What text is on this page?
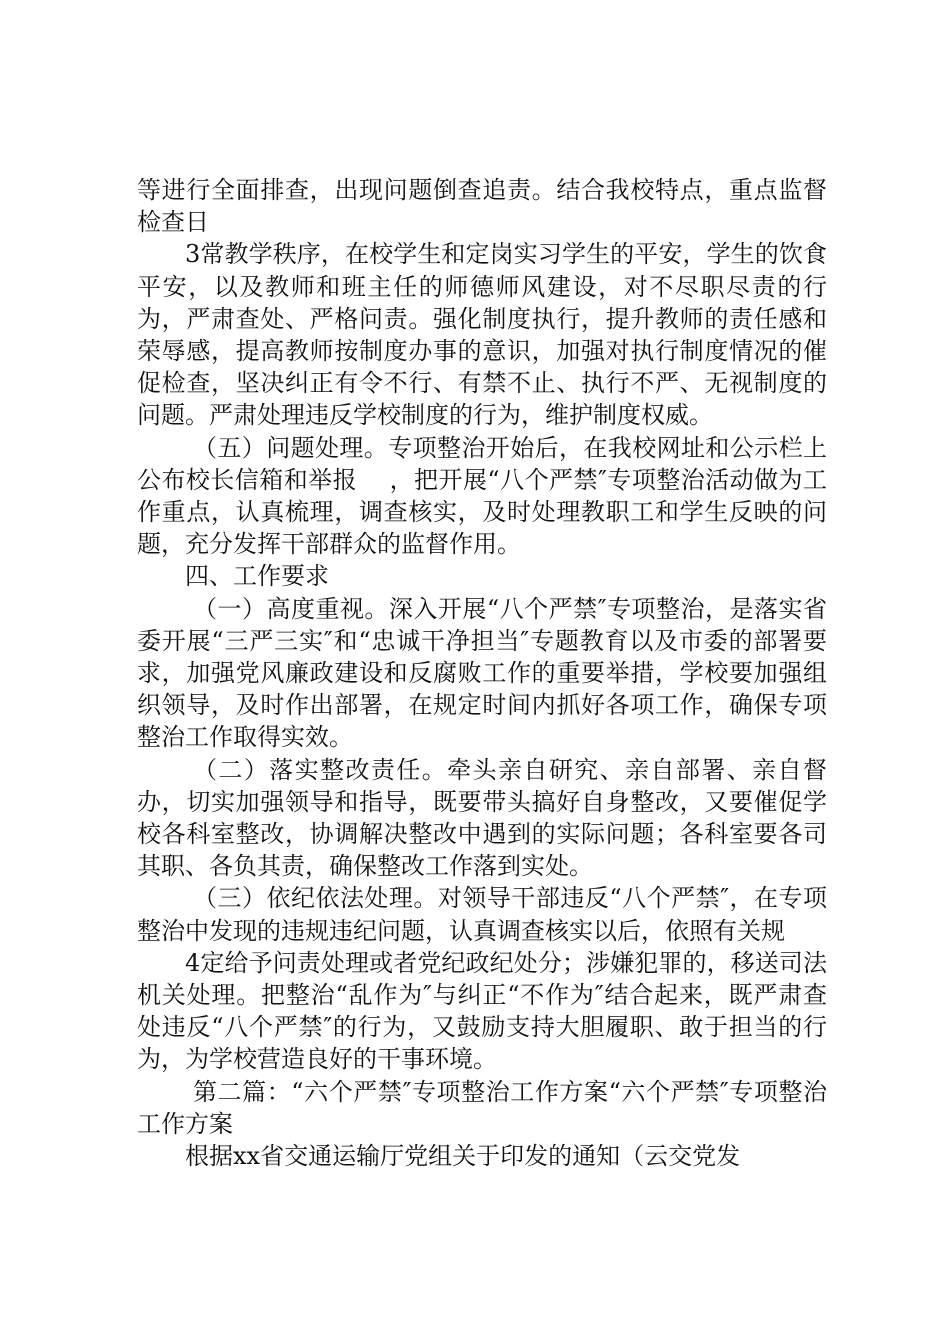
等进行全面排查，出现问题倒查追责。结合我校特点，重点监督检查日

3常教学秩序，在校学生和定岗实习学生的平安，学生的饮食平安，以及教师和班主任的师德师风建设，对不尽职尽责的行为，严肃查处、严格问责。强化制度执行，提升教师的责任感和荣辱感，提高教师按制度办事的意识，加强对执行制度情况的催促检查，坚决纠正有令不行、有禁不止、执行不严、无视制度的问题。严肃处理违反学校制度的行为，维护制度权威。

（五）问题处理。专项整治开始后，在我校网址和公示栏上公布校长信箱和举报　 ，把开展“八个严禁″专项整治活动做为工作重点，认真梳理，调查核实，及时处理教职工和学生反映的问题，充分发挥干部群众的监督作用。

四、工作要求

（一）高度重视。深入开展“八个严禁″专项整治，是落实省委开展“三严三实″和“忠诚干净担当″专题教育以及市委的部署要求，加强党风廉政建设和反腐败工作的重要举措，学校要加强组织领导，及时作出部署，在规定时间内抓好各项工作，确保专项整治工作取得实效。

（二）落实整改责任。牵头亲自研究、亲自部署、亲自督办，切实加强领导和指导，既要带头搞好自身整改，又要催促学校各科室整改，协调解决整改中遇到的实际问题；各科室要各司其职、各负其责，确保整改工作落到实处。

（三）依纪依法处理。对领导干部违反“八个严禁″，在专项整治中发现的违规违纪问题，认真调查核实以后，依照有关规

4定给予问责处理或者党纪政纪处分；涉嫌犯罪的，移送司法机关处理。把整治“乱作为″与纠正“不作为″结合起来，既严肃查处违反“八个严禁″的行为，又鼓励支持大胆履职、敢于担当的行为，为学校营造良好的干事环境。

第二篇：“六个严禁″专项整治工作方案“六个严禁″专项整治工作方案

根据xx省交通运输厅党组关于印发的通知（云交党发
